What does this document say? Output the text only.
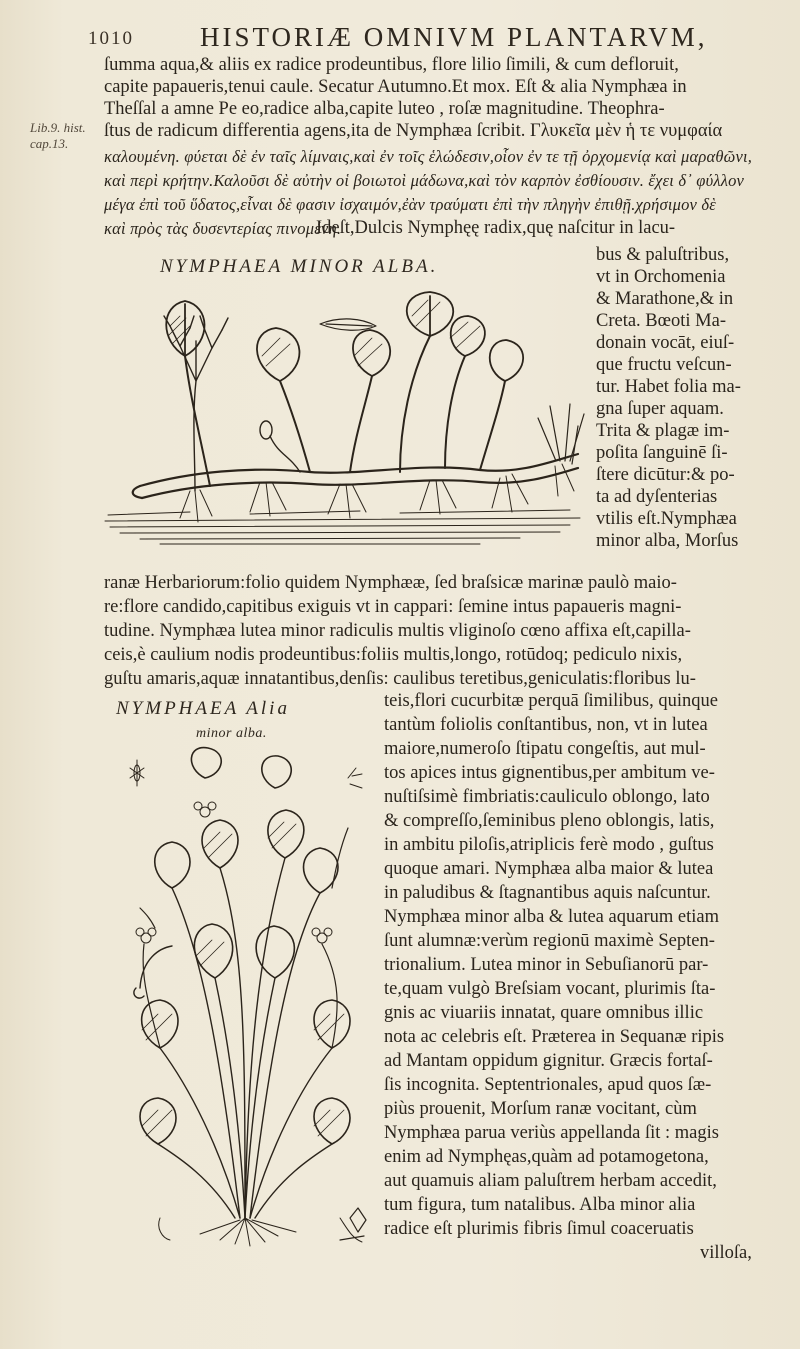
1010 HISTORIÆ OMNIVM PLANTARVM,
Lib.9. hist.
cap.13.
ſumma aqua,& aliis ex radice prodeuntibus, flore lilio ſimili, & cum defloruit,
capite papaueris,tenui caule. Secatur Autumno.Et mox. Eſt & alia Nymphæa in
Theſſal a amne Pe eo,radice alba,capite luteo , roſæ magnitudine. Theophra-
ſtus de radicum differentia agens,ita de Nymphæa ſcribit. Γλυκεῖα μὲν ἡ τε νυμφαία
καλουμένη. φύεται δὲ ἐν ταῖς λίμναις,καὶ ἐν τοῖς ἑλώδεσιν,οἷον ἐν τε τῇ ὀρχομενίᾳ καὶ μαραθῶνι,
καὶ περὶ κρήτην.Καλοῦσι δὲ αὐτὴν οἱ βοιωτοὶ μάδωνα,καὶ τὸν καρπὸν ἐσθίουσιν. ἔχει δ᾽ φύλλον
μέγα ἐπὶ τοῦ ὕδατος,εἶναι δὲ φασιν ἰσχαιμόν,ἐὰν τραύματι ἐπὶ τὴν πληγὴν ἐπιθῇ.χρήσιμον δὲ
καὶ πρὸς τὰς δυσεντερίας πινομένη.
Ideſt,Dulcis Nymphęę radix,quę naſcitur in lacu-
NYMPHAEA MINOR ALBA.
bus & paluſtribus,
vt in Orchomenia
& Marathone,& in
Creta. Bœoti Ma-
donain vocāt, eiuſ-
que fructu veſcun-
tur. Habet folia ma-
gna ſuper aquam.
Trita & plagæ im-
poſita ſanguinē ſi-
ſtere dicūtur:& po-
ta ad dyſenterias
vtilis eſt.Nymphæa
minor alba, Morſus
ranæ Herbariorum:folio quidem Nymphææ, ſed braſsicæ marinæ paulò maio-
re:flore candido,capitibus exiguis vt in cappari: ſemine intus papaueris magni-
tudine. Nymphæa lutea minor radiculis multis vliginoſo cœno affixa eſt,capilla-
ceis,è caulium nodis prodeuntibus:foliis multis,longo, rotūdoq; pediculo nixis,
guſtu amaris,aquæ innatantibus,denſis: caulibus teretibus,geniculatis:floribus lu-
NYMPHAEA Alia
minor alba.
teis,flori cucurbitæ perquā ſimilibus, quinque
tantùm foliolis conſtantibus, non, vt in lutea
maiore,numeroſo ſtipatu congeſtis, aut mul-
tos apices intus gignentibus,per ambitum ve-
nuſtiſsimè fimbriatis:cauliculo oblongo, lato
& compreſſo,ſeminibus pleno oblongis, latis,
in ambitu piloſis,atriplicis ferè modo , guſtus
quoque amari. Nymphæa alba maior & lutea
in paludibus & ſtagnantibus aquis naſcuntur.
Nymphæa minor alba & lutea aquarum etiam
ſunt alumnæ:verùm regionū maximè Septen-
trionalium. Lutea minor in Sebuſianorū par-
te,quam vulgò Breſsiam vocant, plurimis ſta-
gnis ac viuariis innatat, quare omnibus illic
nota ac celebris eſt. Præterea in Sequanæ ripis
ad Mantam oppidum gignitur. Græcis fortaſ-
ſis incognita. Septentrionales, apud quos ſæ-
piùs prouenit, Morſum ranæ vocitant, cùm
Nymphæa parua veriùs appellanda ſit : magis
enim ad Nymphęas,quàm ad potamogetona,
aut quamuis aliam paluſtrem herbam accedit,
tum figura, tum natalibus. Alba minor alia
radice eſt plurimis fibris ſimul coaceruatis
villoſa,
